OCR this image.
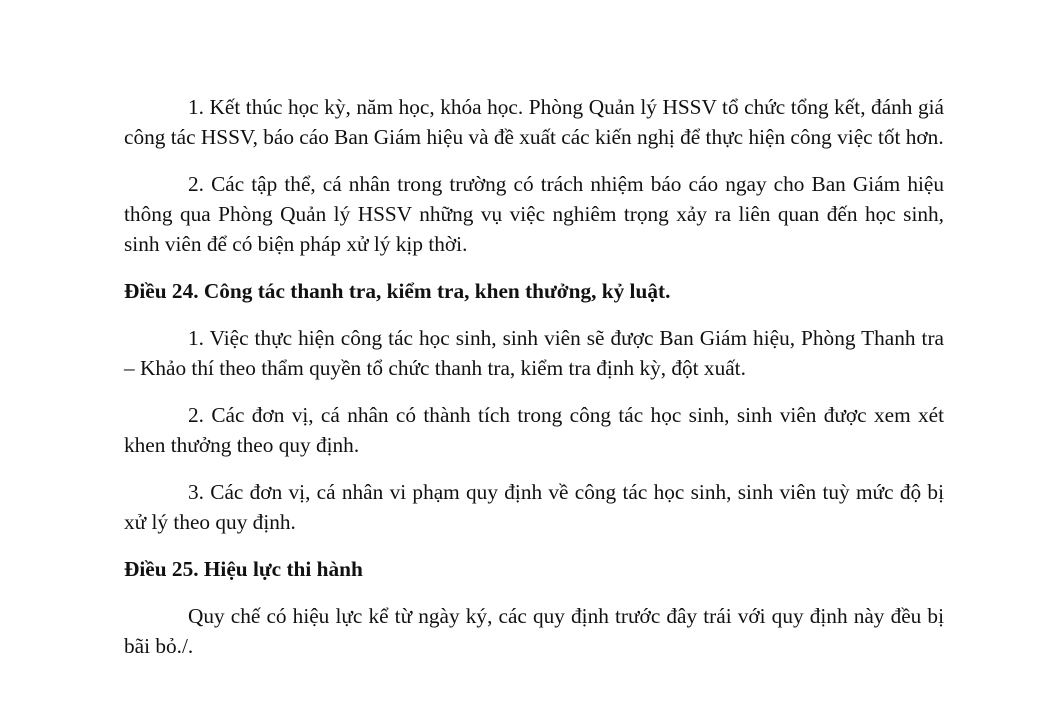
1. Kết thúc học kỳ, năm học, khóa học. Phòng Quản lý HSSV tổ chức tổng kết, đánh giá công tác HSSV, báo cáo Ban Giám hiệu và đề xuất các kiến nghị để thực hiện công việc tốt hơn.

2. Các tập thể, cá nhân trong trường có trách nhiệm báo cáo ngay cho Ban Giám hiệu thông qua Phòng Quản lý HSSV những vụ việc nghiêm trọng xảy ra liên quan đến học sinh, sinh viên để có biện pháp xử lý kịp thời.

Điều 24. Công tác thanh tra, kiểm tra, khen thưởng, kỷ luật.

1. Việc thực hiện công tác học sinh, sinh viên sẽ được Ban Giám hiệu, Phòng Thanh tra – Khảo thí theo thẩm quyền tổ chức thanh tra, kiểm tra định kỳ, đột xuất.

2. Các đơn vị, cá nhân có thành tích trong công tác học sinh, sinh viên được xem xét khen thưởng theo quy định.

3. Các đơn vị, cá nhân vi phạm quy định về công tác học sinh, sinh viên tuỳ mức độ bị xử lý theo quy định.

Điều 25. Hiệu lực thi hành

Quy chế có hiệu lực kể từ ngày ký, các quy định trước đây trái với quy định này đều bị bãi bỏ./.
